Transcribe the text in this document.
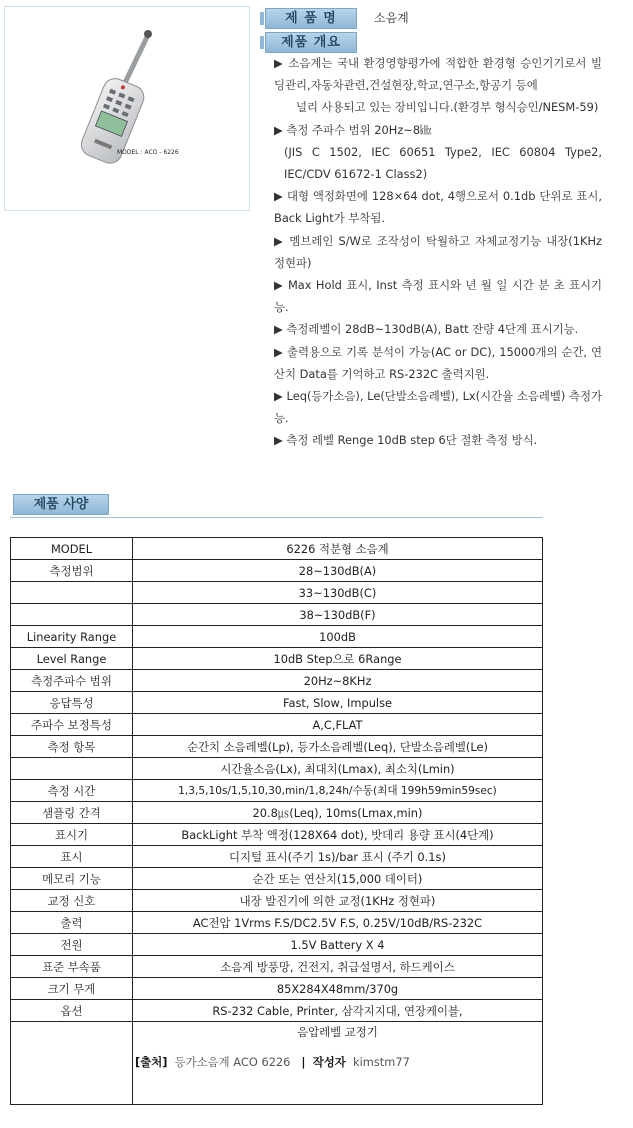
MODEL : ACO - 6226
제 품 명	소음계
제품 개요

▶ 소음계는 국내 환경영향평가에 적합한 환경형 승인기기로서 빌딩관리,자동차관련,건설현장,학교,연구소,항공기 등에

널리 사용되고 있는 장비입니다.(환경부 형식승인/NESM-59)

▶ 측정 주파수 범위 20Hz~8㎑

(JIS C 1502, IEC 60651 Type2, IEC 60804 Type2, IEC/CDV 61672-1 Class2)

▶ 대형 액정화면에 128×64 dot, 4행으로서 0.1db 단위로 표시, Back Light가 부착됨.

▶ 멤브레인 S/W로 조작성이 탁월하고 자체교정기능 내장(1KHz 정현파)

▶ Max Hold 표시, Inst 측정 표시와 년 월 일 시간 분 초 표시기능.

▶ 측정레벨이 28dB~130dB(A), Batt 잔량 4단계 표시기능.

▶ 출력용으로 기록 분석이 가능(AC or DC), 15000개의 순간, 연산치 Data를 기억하고 RS-232C 출력지원.

▶ Leq(등가소음), Le(단발소음레벨), Lx(시간율 소음레벨) 측정가능.

▶ 측정 레벨 Renge 10dB step 6단 절환 측정 방식.

제품 사양
MODEL	6226 적분형 소음계
측정범위	28~130dB(A)
	33~130dB(C)
	38~130dB(F)
Linearity Range	100dB
Level Range	10dB Step으로 6Range
측정주파수 범위	20Hz~8KHz
응답특성	Fast, Slow, Impulse
주파수 보정특성	A,C,FLAT
측정 항목	순간치 소음레벨(Lp), 등가소음레벨(Leq), 단발소음레벨(Le)
	시간율소음(Lx), 최대치(Lmax), 최소치(Lmin)
측정 시간	1,3,5,10s/1,5,10,30,min/1,8,24h/수동(최대 199h59min59sec)
샘플링 간격	20.8㎲(Leq), 10ms(Lmax,min)
표시기	BackLight 부착 액정(128X64 dot), 밧데리 용량 표시(4단계)
표시	디지털 표시(주기 1s)/bar 표시 (주기 0.1s)
메모리 기능	순간 또는 연산치(15,000 데이터)
교정 신호	내장 발진기에 의한 교정(1KHz 정현파)
출력	AC전압 1Vrms F.S/DC2.5V F.S, 0.25V/10dB/RS-232C
전원	1.5V Battery X 4
표준 부속품	소음계 방풍망, 건전지, 취급설명서, 하드케이스
크기 무게	85X284X48mm/370g
옵션	RS-232 Cable, Printer, 삼각지지대, 연장케이블,

	음압레벨 교정기
[출처] 등가소음계 ACO 6226 | 작성자 kimstm77
